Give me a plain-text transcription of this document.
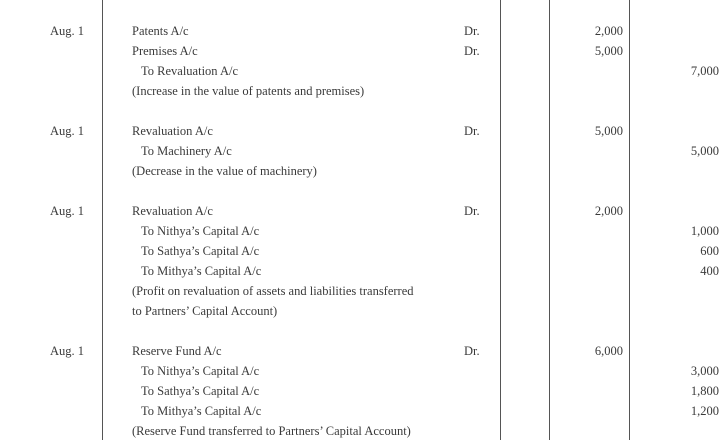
Aug. 1	Patents A/c	Dr.	2,000
Premises A/c	Dr.	5,000
To Revaluation A/c	7,000
(Increase in the value of patents and premises)
Aug. 1	Revaluation A/c	Dr.	5,000
To Machinery A/c	5,000
(Decrease in the value of machinery)
Aug. 1	Revaluation A/c	Dr.	2,000
To Nithya’s Capital A/c	1,000
To Sathya’s Capital A/c	600
To Mithya’s Capital A/c	400
(Profit on revaluation of assets and liabilities transferred
to Partners’ Capital Account)
Aug. 1	Reserve Fund A/c	Dr.	6,000
To Nithya’s Capital A/c	3,000
To Sathya’s Capital A/c	1,800
To Mithya’s Capital A/c	1,200
(Reserve Fund transferred to Partners’ Capital Account)
